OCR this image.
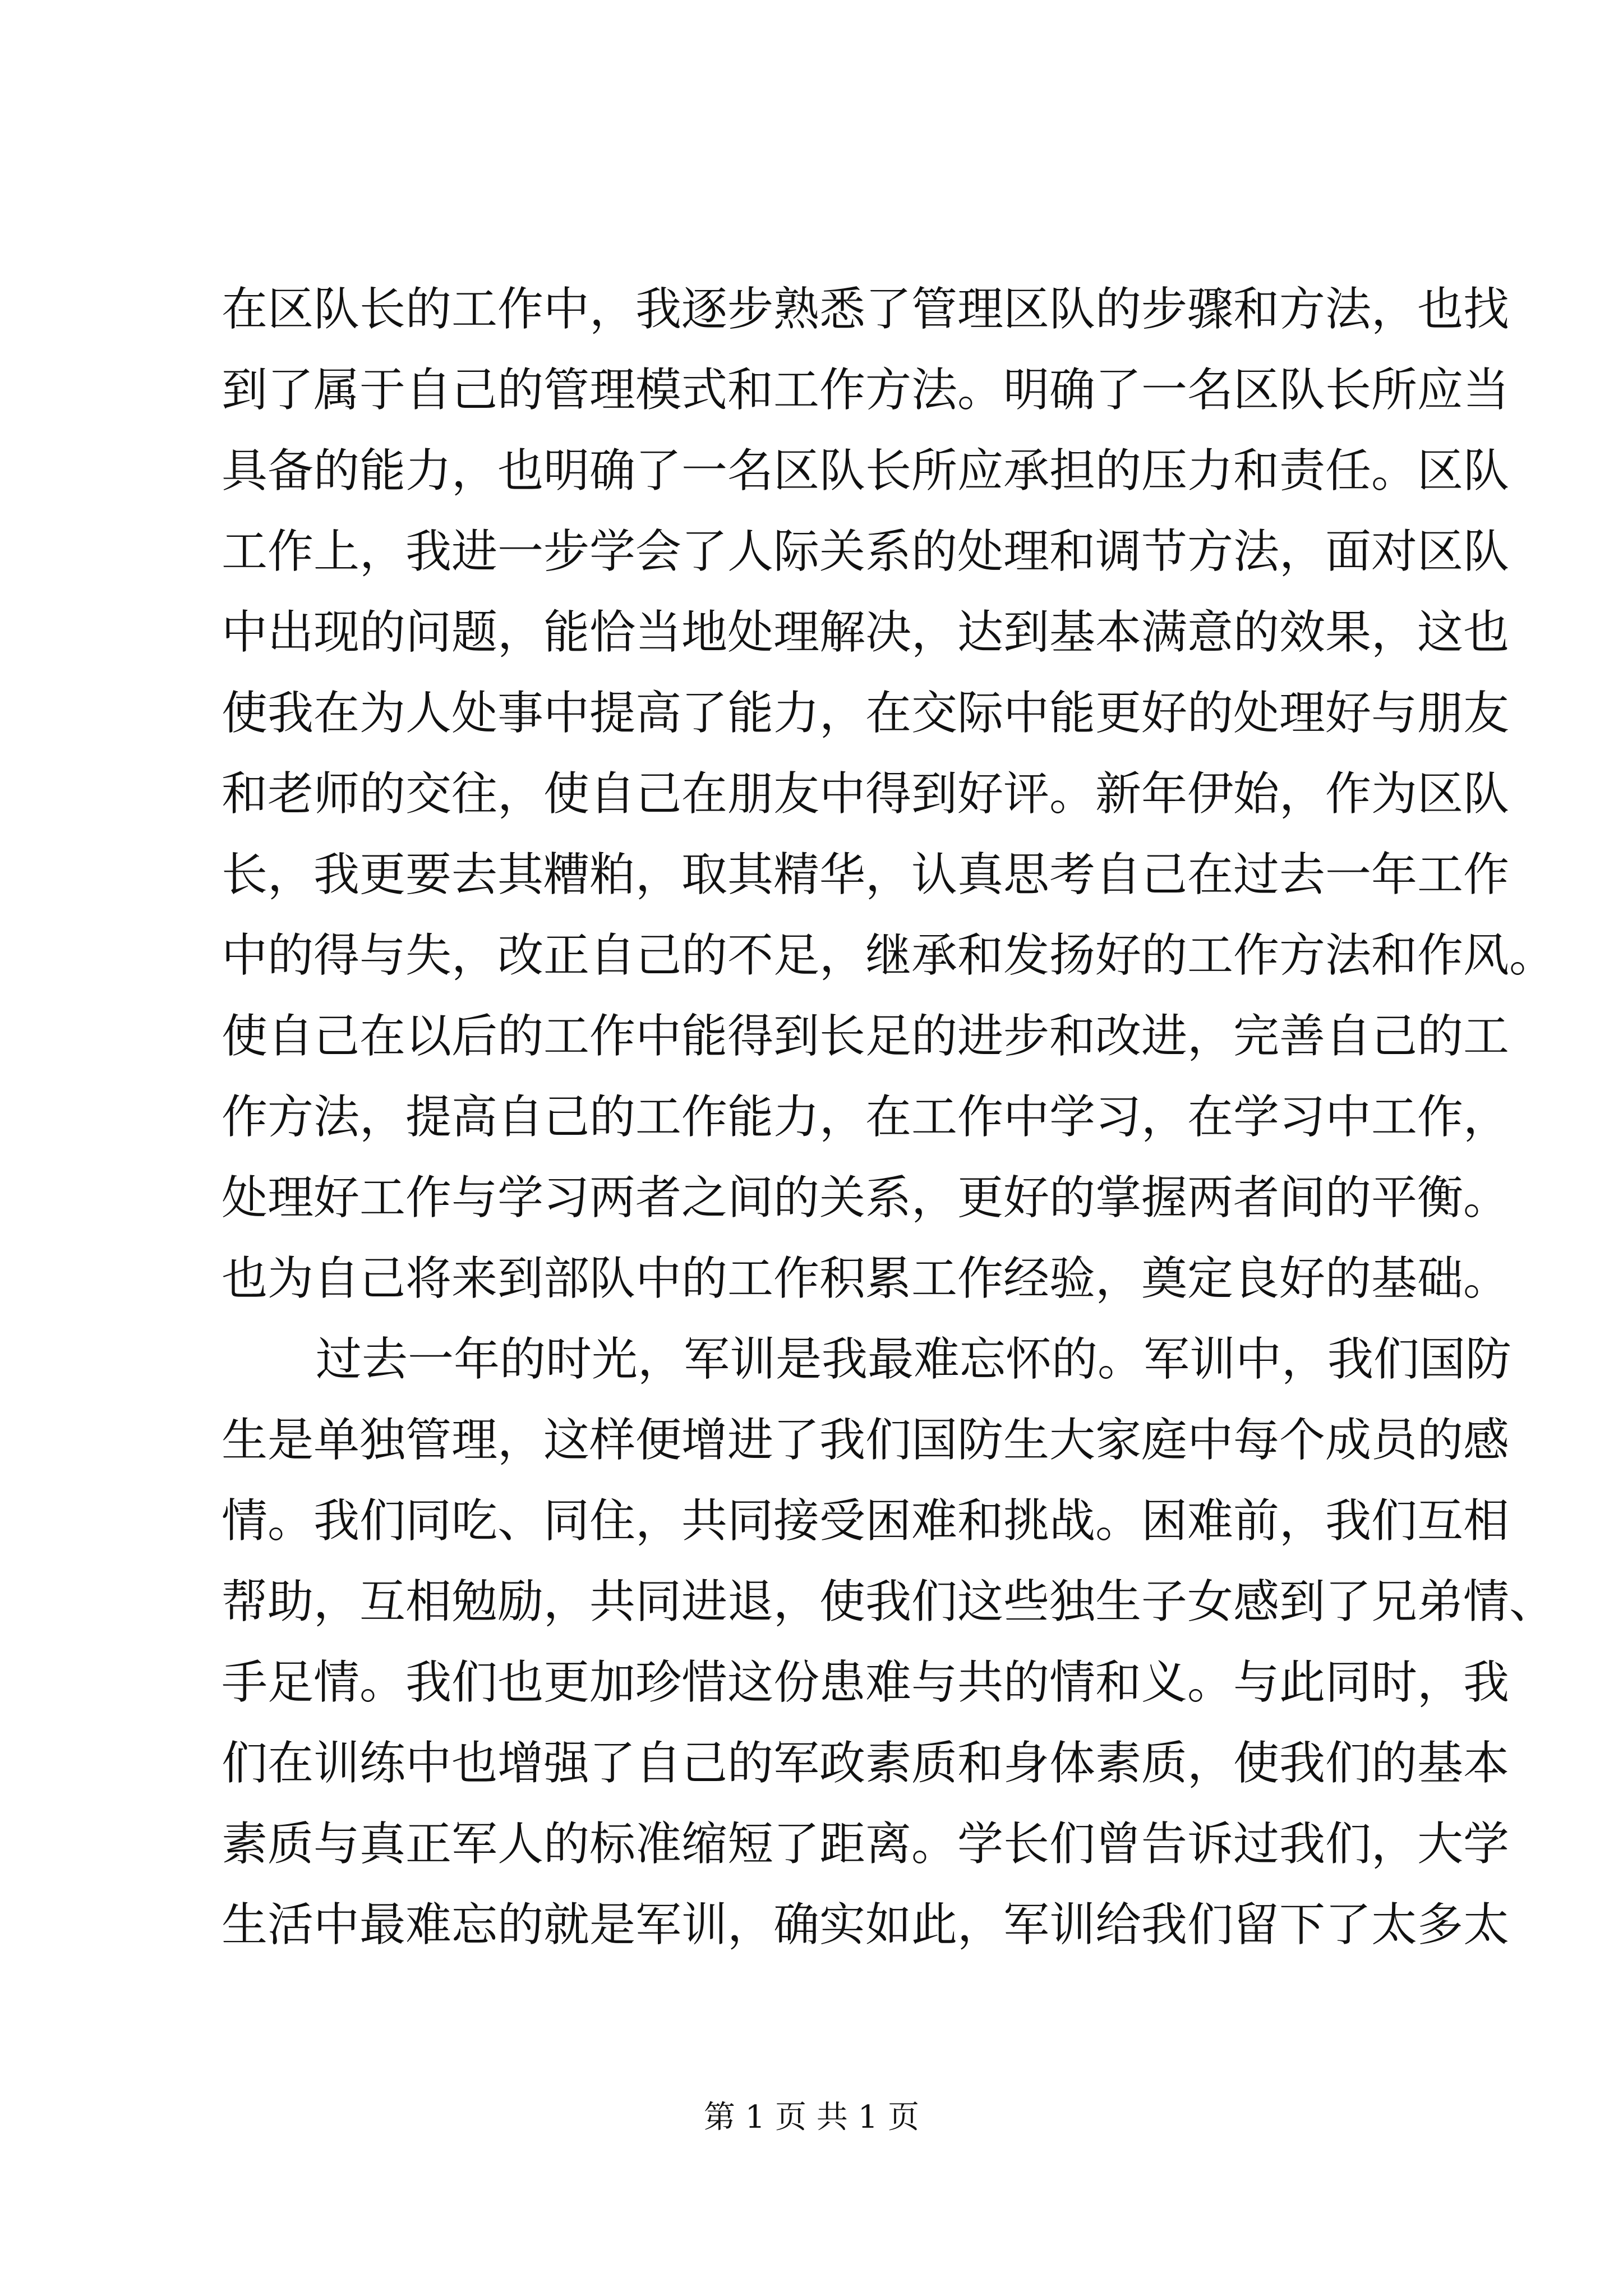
在区队长的工作中，我逐步熟悉了管理区队的步骤和方法，也找
到了属于自己的管理模式和工作方法。明确了一名区队长所应当
具备的能力，也明确了一名区队长所应承担的压力和责任。区队
工作上，我进一步学会了人际关系的处理和调节方法，面对区队
中出现的问题，能恰当地处理解决，达到基本满意的效果，这也
使我在为人处事中提高了能力，在交际中能更好的处理好与朋友
和老师的交往，使自己在朋友中得到好评。新年伊始，作为区队
长，我更要去其糟粕，取其精华，认真思考自己在过去一年工作
中的得与失，改正自己的不足，继承和发扬好的工作方法和作风。
使自己在以后的工作中能得到长足的进步和改进，完善自己的工
作方法，提高自己的工作能力，在工作中学习，在学习中工作，
处理好工作与学习两者之间的关系，更好的掌握两者间的平衡。
也为自己将来到部队中的工作积累工作经验，奠定良好的基础。
过去一年的时光，军训是我最难忘怀的。军训中，我们国防
生是单独管理，这样便增进了我们国防生大家庭中每个成员的感
情。我们同吃、同住，共同接受困难和挑战。困难前，我们互相
帮助，互相勉励，共同进退，使我们这些独生子女感到了兄弟情、
手足情。我们也更加珍惜这份患难与共的情和义。与此同时，我
们在训练中也增强了自己的军政素质和身体素质，使我们的基本
素质与真正军人的标准缩短了距离。学长们曾告诉过我们，大学
生活中最难忘的就是军训，确实如此，军训给我们留下了太多太
第 1 页 共 1 页
